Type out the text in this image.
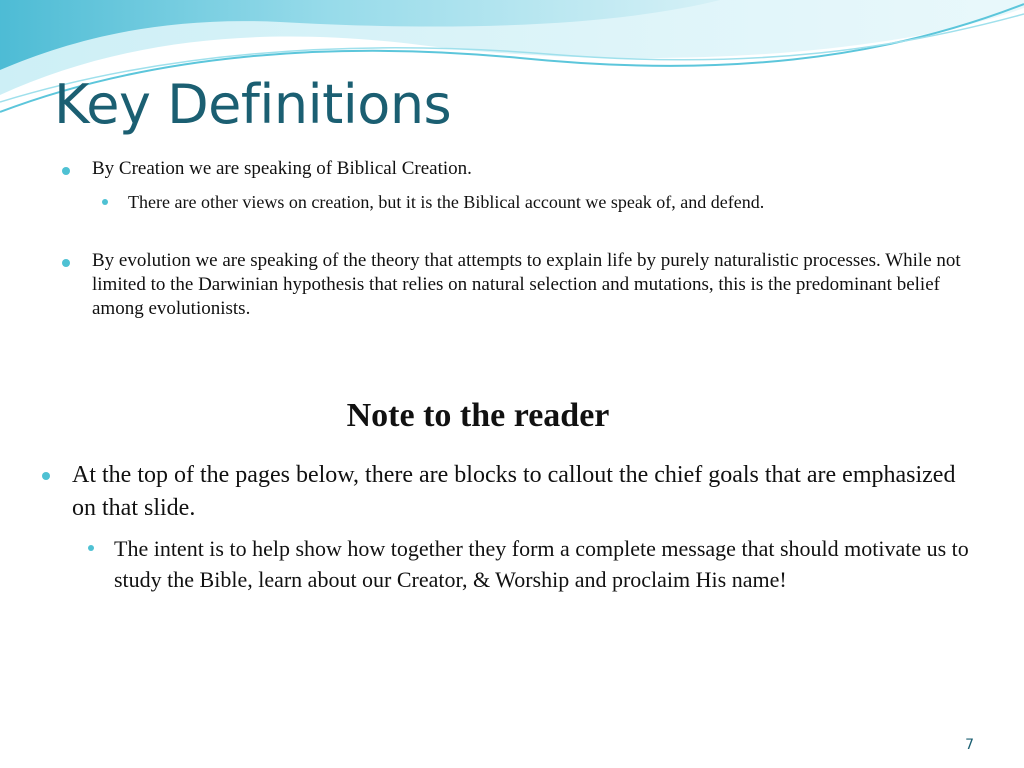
Key Definitions
By Creation we are speaking of Biblical Creation.
There are other views on creation, but it is the Biblical account we speak of, and defend.
By evolution we are speaking of the theory that attempts to explain life by purely naturalistic processes. While not limited to the Darwinian hypothesis that relies on natural selection and mutations, this is the predominant belief among evolutionists.
Note to the reader
At the top of the pages below, there are blocks to callout the chief goals that are emphasized on that slide.
The intent is to help show how together they form a complete message that should motivate us to study the Bible, learn about our Creator, & Worship and proclaim His name!
7
